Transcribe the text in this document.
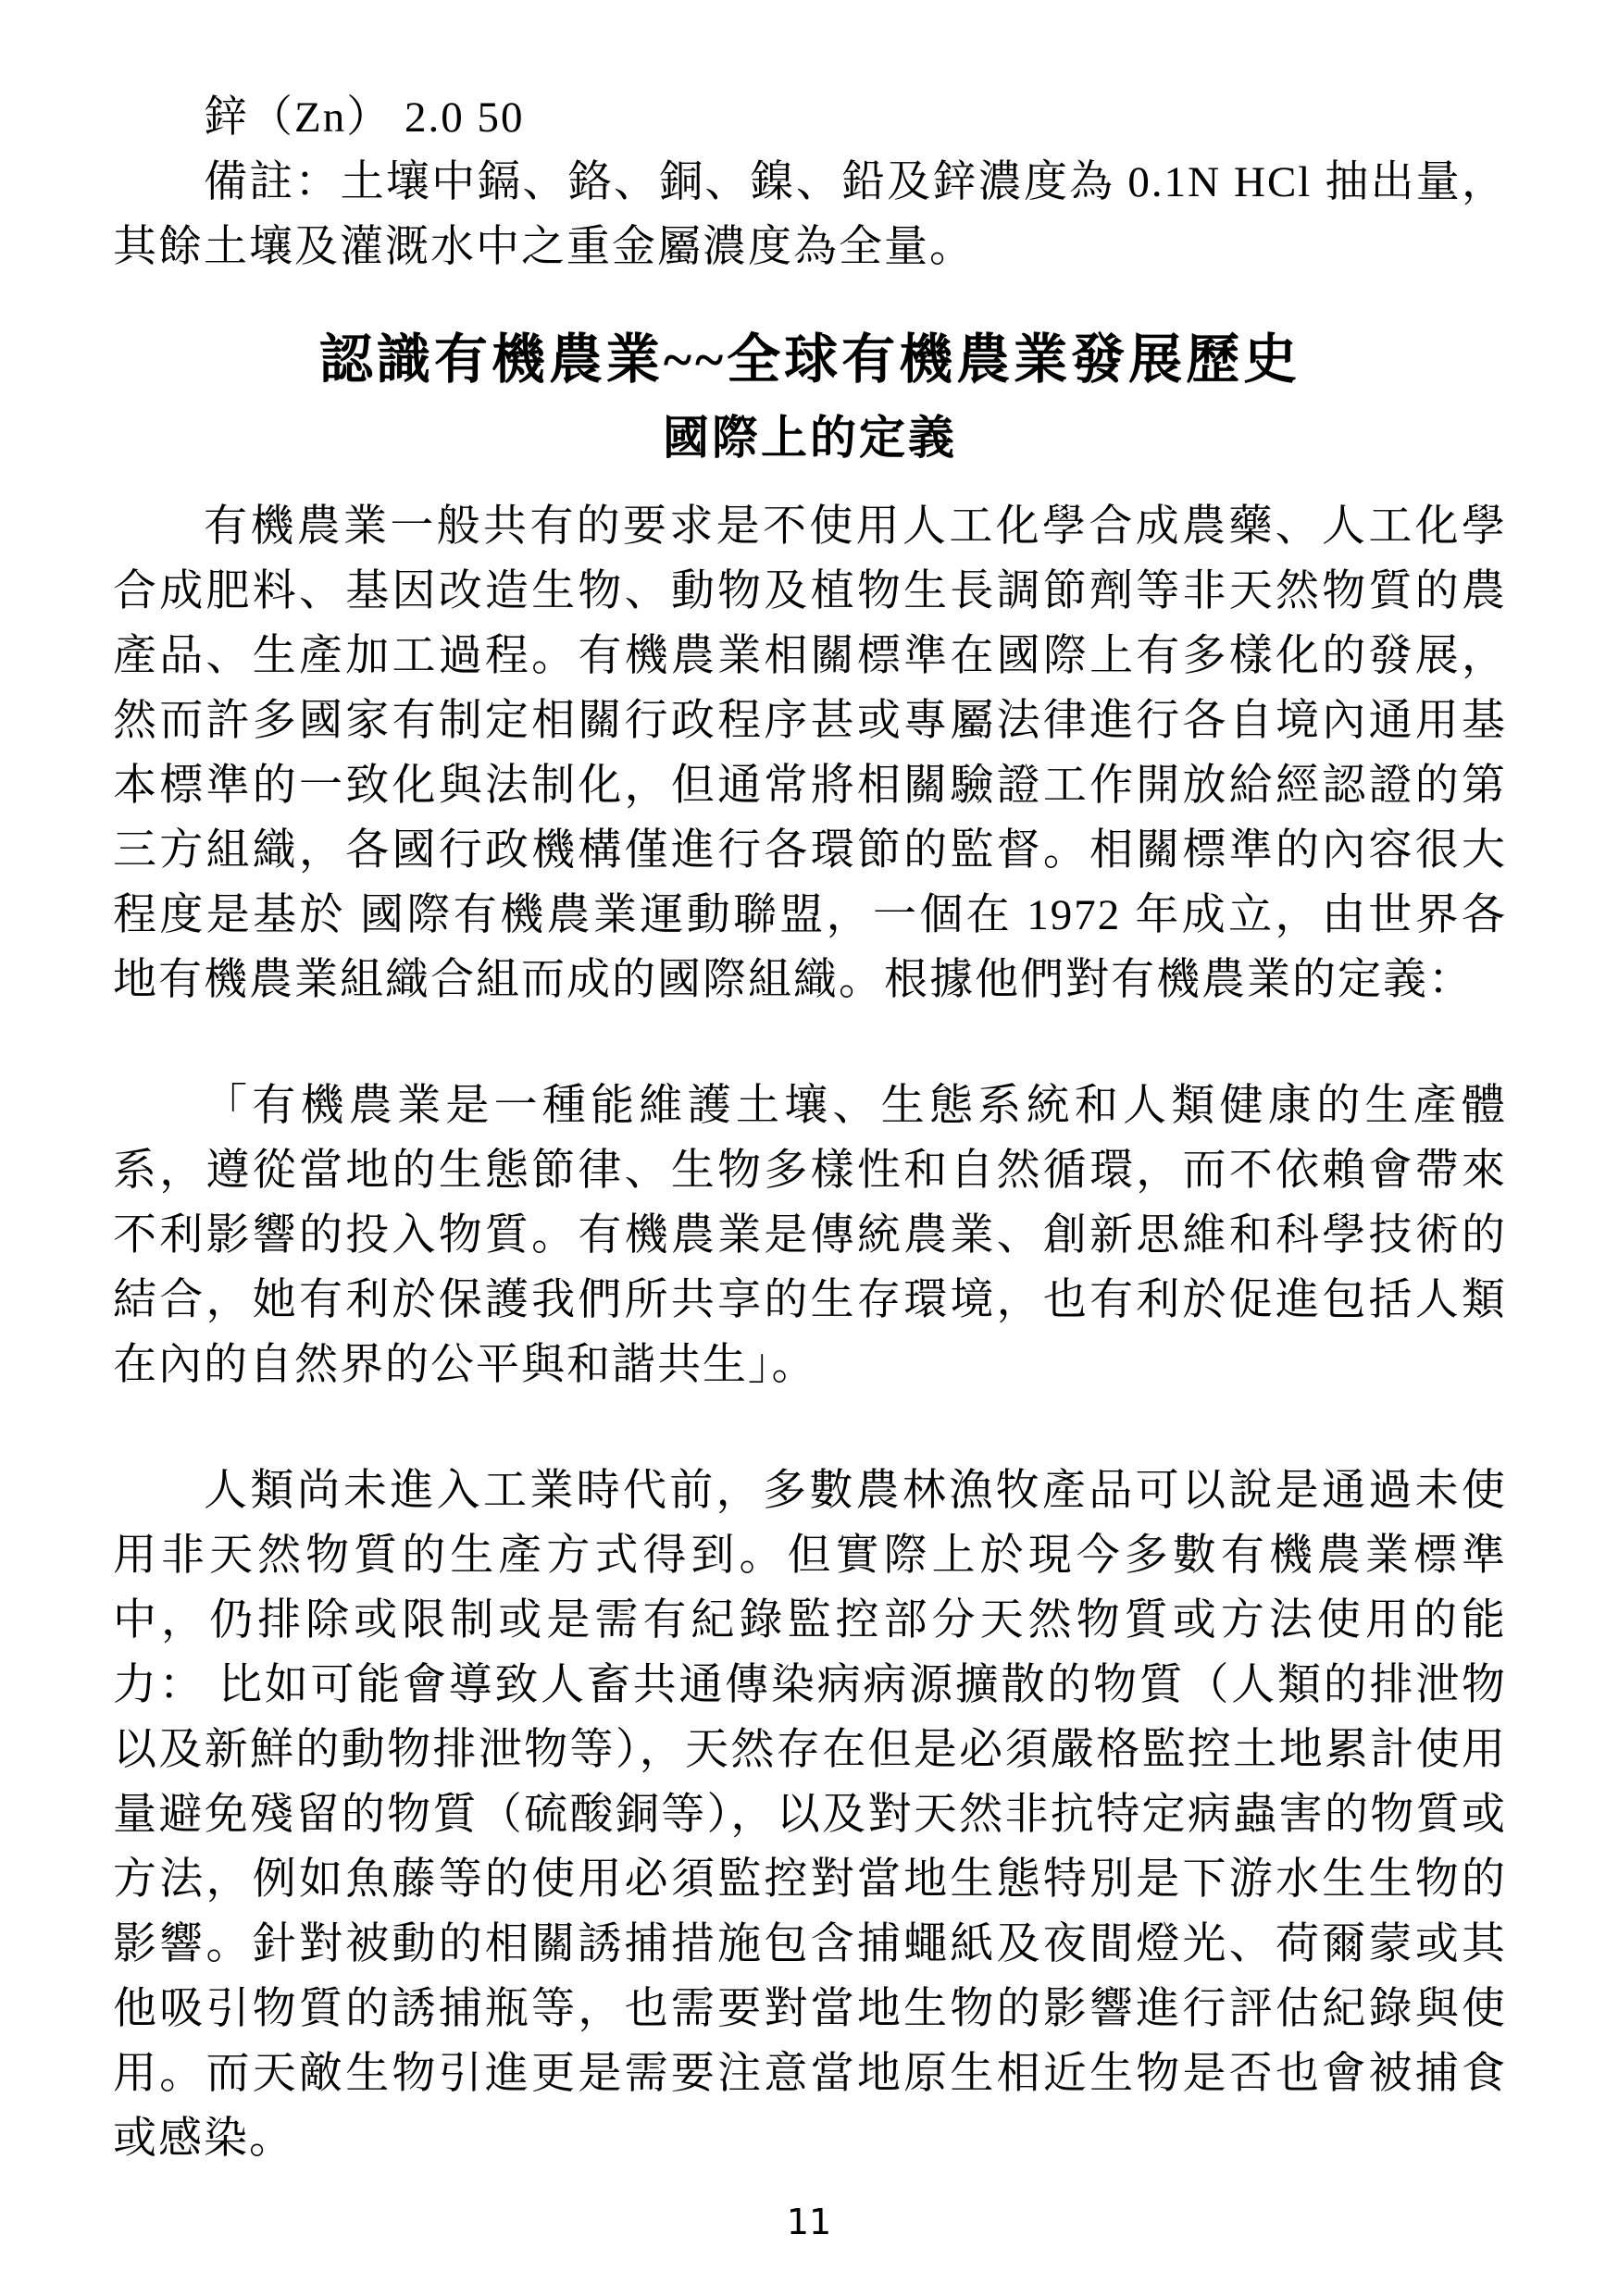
鋅（Zn） 2.0 50

備註：土壤中鎘、鉻、銅、鎳、鉛及鋅濃度為 0.1N HCl 抽出量，其餘土壤及灌溉水中之重金屬濃度為全量。

認識有機農業~~全球有機農業發展歷史
國際上的定義

有機農業一般共有的要求是不使用人工化學合成農藥、人工化學合成肥料、基因改造生物、動物及植物生長調節劑等非天然物質的農產品、生產加工過程。有機農業相關標準在國際上有多樣化的發展，然而許多國家有制定相關行政程序甚或專屬法律進行各自境內通用基本標準的一致化與法制化，但通常將相關驗證工作開放給經認證的第三方組織，各國行政機構僅進行各環節的監督。相關標準的內容很大程度是基於 國際有機農業運動聯盟，一個在 1972 年成立，由世界各地有機農業組織合組而成的國際組織。根據他們對有機農業的定義：

「有機農業是一種能維護土壤、生態系統和人類健康的生產體系，遵從當地的生態節律、生物多樣性和自然循環，而不依賴會帶來不利影響的投入物質。有機農業是傳統農業、創新思維和科學技術的結合，她有利於保護我們所共享的生存環境，也有利於促進包括人類在內的自然界的公平與和諧共生」。

人類尚未進入工業時代前，多數農林漁牧產品可以說是通過未使用非天然物質的生產方式得到。但實際上於現今多數有機農業標準中，仍排除或限制或是需有紀錄監控部分天然物質或方法使用的能力： 比如可能會導致人畜共通傳染病病源擴散的物質（人類的排泄物以及新鮮的動物排泄物等），天然存在但是必須嚴格監控土地累計使用量避免殘留的物質（硫酸銅等），以及對天然非抗特定病蟲害的物質或方法，例如魚藤等的使用必須監控對當地生態特別是下游水生生物的影響。針對被動的相關誘捕措施包含捕蠅紙及夜間燈光、荷爾蒙或其他吸引物質的誘捕瓶等，也需要對當地生物的影響進行評估紀錄與使用。而天敵生物引進更是需要注意當地原生相近生物是否也會被捕食或感染。

11
